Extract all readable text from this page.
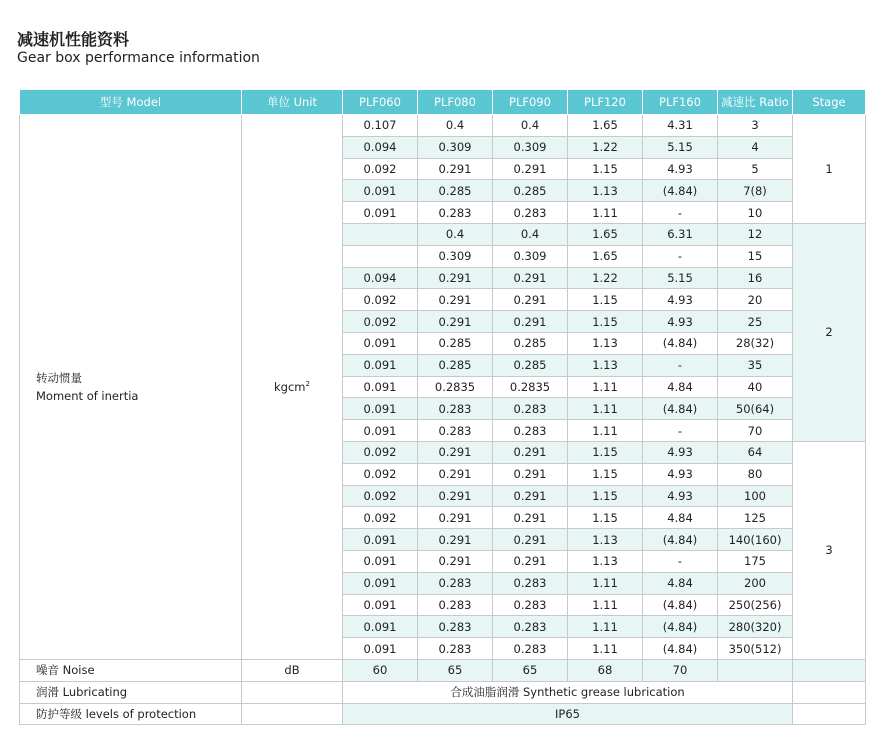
减速机性能资料
Gear box performance information
型号 Model	单位 Unit	PLF060	PLF080	PLF090	PLF120	PLF160	减速比 Ratio	Stage

转动惯量
Moment of inertia	kgcm$^2$	0.107	0.4	0.4	1.65	4.31	3	1
		0.094	0.309	0.309	1.22	5.15	4	
		0.092	0.291	0.291	1.15	4.93	5	
		0.091	0.285	0.285	1.13	(4.84)	7(8)	
		0.091	0.283	0.283	1.11	-	10	
			0.4	0.4	1.65	6.31	12	2
			0.309	0.309	1.65	-	15	
		0.094	0.291	0.291	1.22	5.15	16	
		0.092	0.291	0.291	1.15	4.93	20	
		0.092	0.291	0.291	1.15	4.93	25	
		0.091	0.285	0.285	1.13	(4.84)	28(32)	
		0.091	0.285	0.285	1.13	-	35	
		0.091	0.2835	0.2835	1.11	4.84	40	
		0.091	0.283	0.283	1.11	(4.84)	50(64)	
		0.091	0.283	0.283	1.11	-	70	
		0.092	0.291	0.291	1.15	4.93	64	3
		0.092	0.291	0.291	1.15	4.93	80	
		0.092	0.291	0.291	1.15	4.93	100	
		0.092	0.291	0.291	1.15	4.84	125	
		0.091	0.291	0.291	1.13	(4.84)	140(160)	
		0.091	0.291	0.291	1.13	-	175	
		0.091	0.283	0.283	1.11	4.84	200	
		0.091	0.283	0.283	1.11	(4.84)	250(256)	
		0.091	0.283	0.283	1.11	(4.84)	280(320)	
		0.091	0.283	0.283	1.11	(4.84)	350(512)	
噪音 Noise	dB	60	65	65	68	70		
润滑 Lubricating		合成油脂润滑 Synthetic grease lubrication						
防护等级 levels of protection		IP65						
